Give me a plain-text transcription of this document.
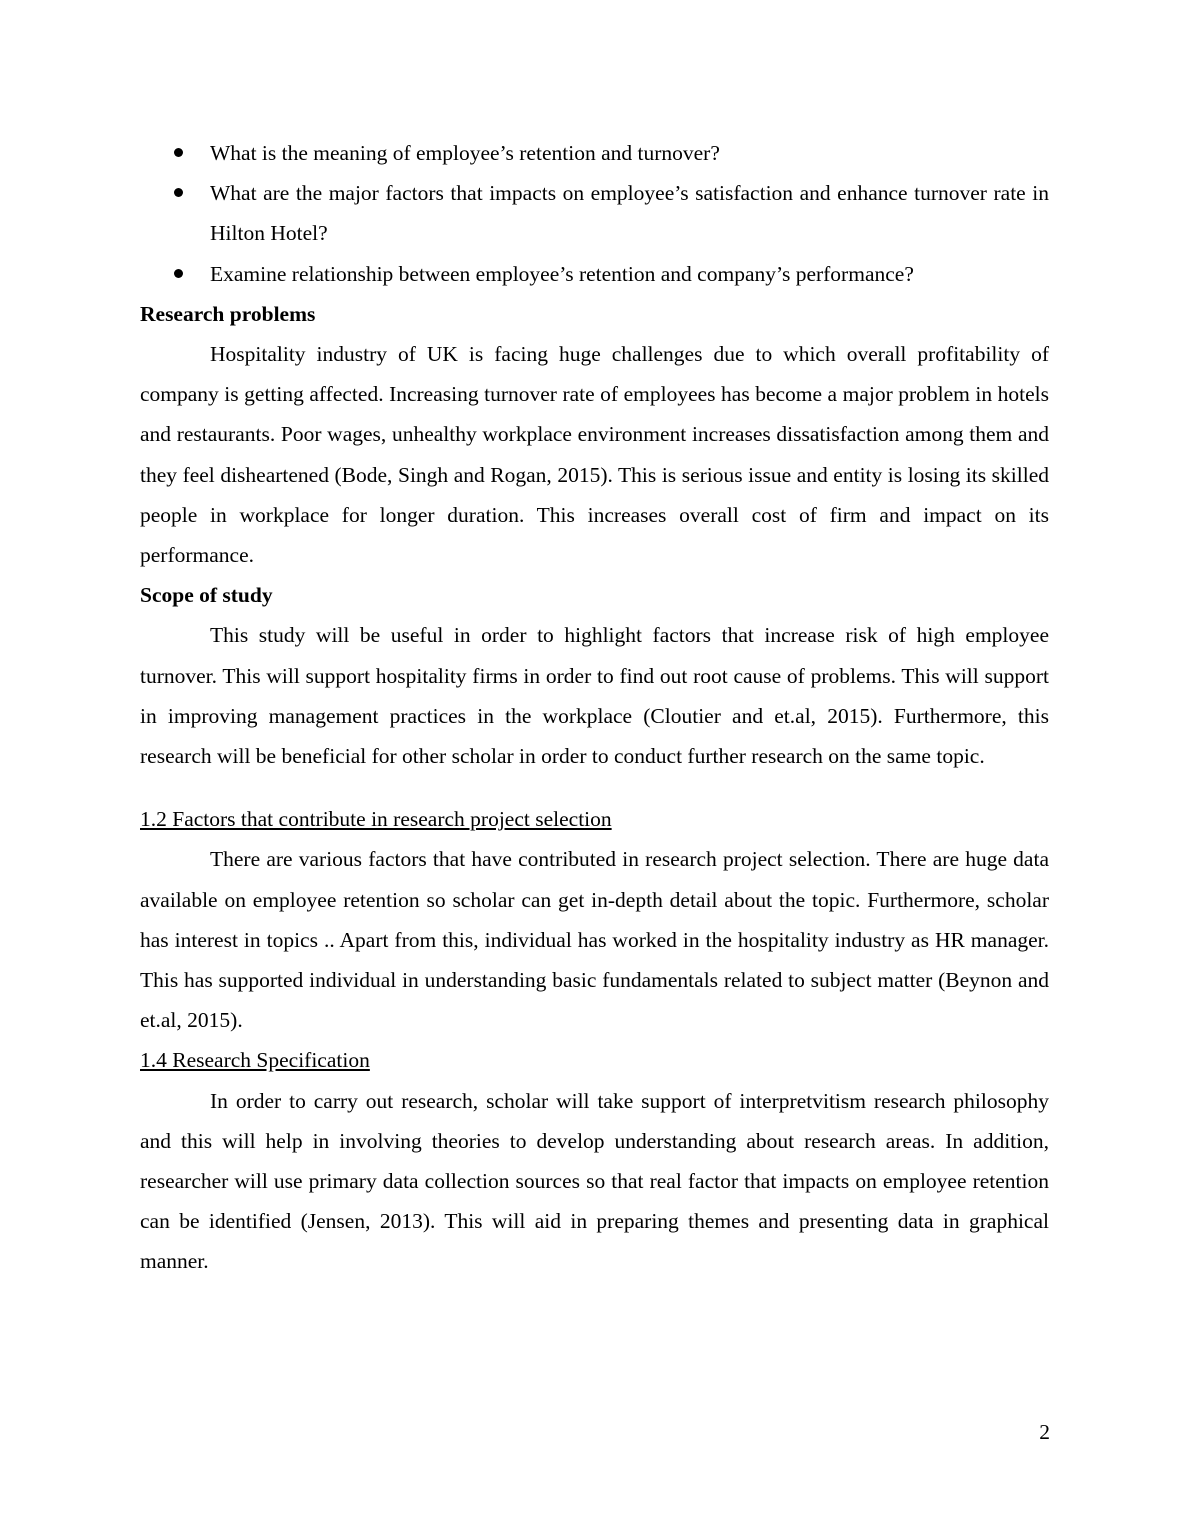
What is the meaning of employee’s retention and turnover?
What are the major factors that impacts on employee’s satisfaction and enhance turnover rate in Hilton Hotel?
Examine relationship between employee’s retention and company’s performance?

Research problems

Hospitality industry of UK is facing huge challenges due to which overall profitability of company is getting affected. Increasing turnover rate of employees has become a major problem in hotels and restaurants. Poor wages, unhealthy workplace environment increases dissatisfaction among them and they feel disheartened (Bode, Singh and Rogan, 2015). This is serious issue and entity is losing its skilled people in workplace for longer duration. This increases overall cost of firm and impact on its performance.

Scope of study

This study will be useful in order to highlight factors that increase risk of high employee turnover. This will support hospitality firms in order to find out root cause of problems. This will support in improving management practices in the workplace (Cloutier and et.al, 2015). Furthermore, this research will be beneficial for other scholar in order to conduct further research on the same topic.

1.2 Factors that contribute in research project selection

There are various factors that have contributed in research project selection. There are huge data available on employee retention so scholar can get in-depth detail about the topic. Furthermore, scholar has interest in topics .. Apart from this, individual has worked in the hospitality industry as HR manager. This has supported individual in understanding basic fundamentals related to subject matter (Beynon and et.al, 2015).

1.4 Research Specification

In order to carry out research, scholar will take support of interpretvitism research philosophy and this will help in involving theories to develop understanding about research areas. In addition, researcher will use primary data collection sources so that real factor that impacts on employee retention can be identified (Jensen, 2013). This will aid in preparing themes and presenting data in graphical manner.

2
